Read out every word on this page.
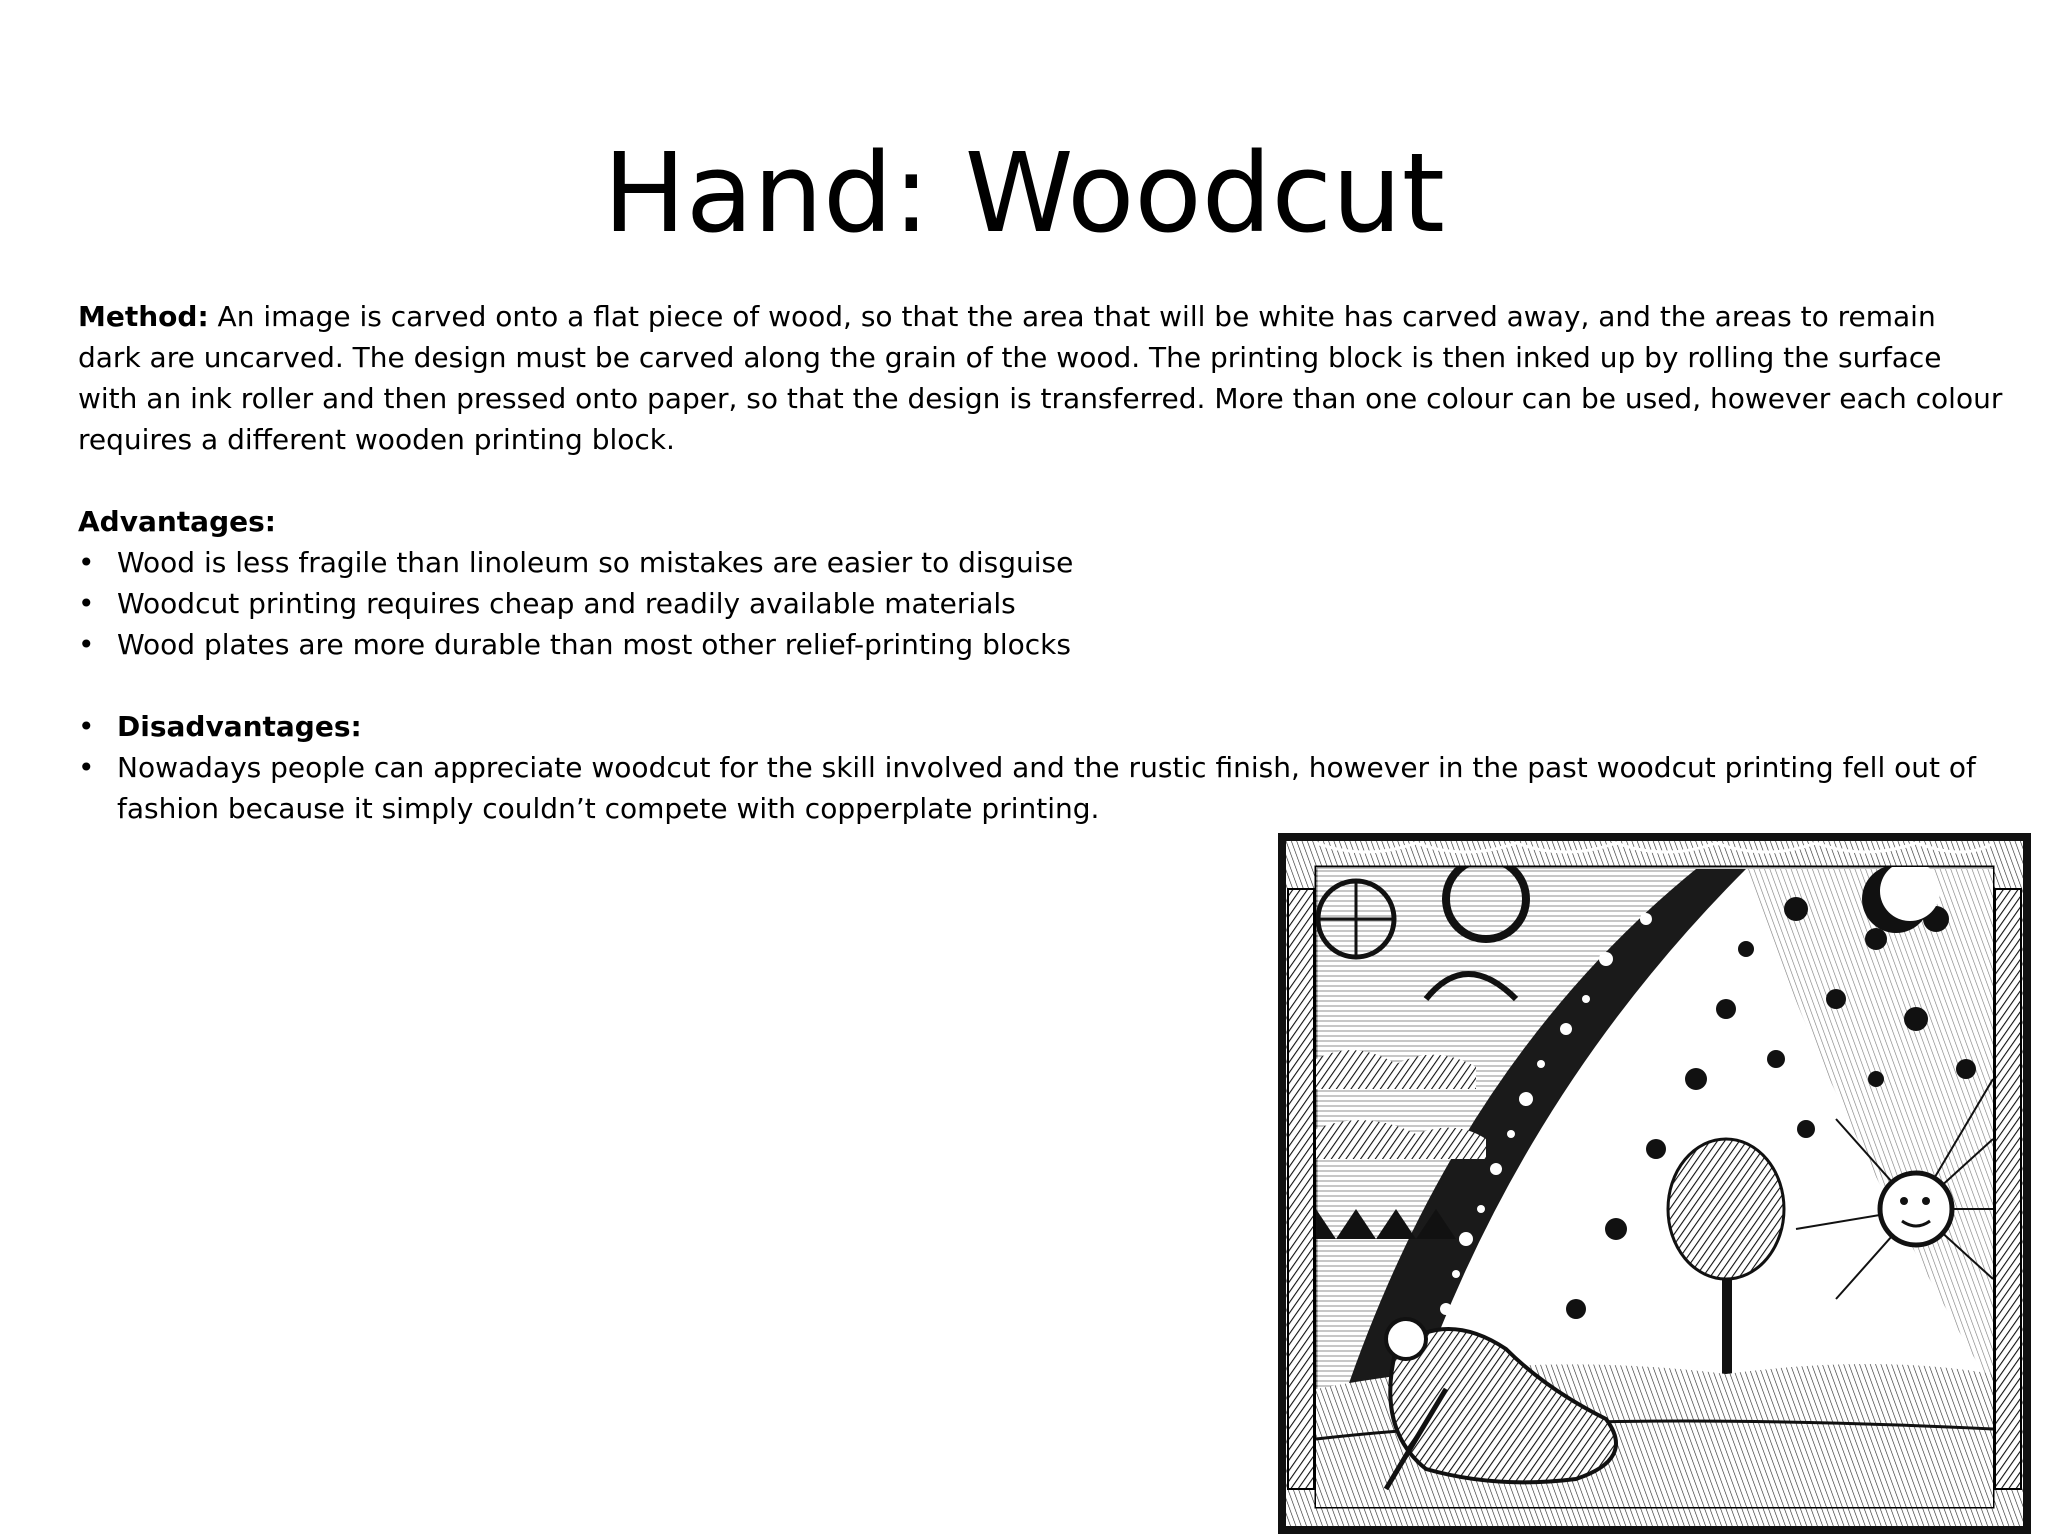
Hand: Woodcut

Method: An image is carved onto a flat piece of wood, so that the area that will be white has carved away, and the areas to remain dark are uncarved. The design must be carved along the grain of the wood. The printing block is then inked up by rolling the surface with an ink roller and then pressed onto paper, so that the design is transferred. More than one colour can be used, however each colour requires a different wooden printing block.

Advantages:

• Wood is less fragile than linoleum so mistakes are easier to disguise
• Woodcut printing requires cheap and readily available materials
• Wood plates are more durable than most other relief-printing blocks
• Disadvantages:
• Nowadays people can appreciate woodcut for the skill involved and the rustic finish, however in the past woodcut printing fell out of fashion because it simply couldn’t compete with copperplate printing.
